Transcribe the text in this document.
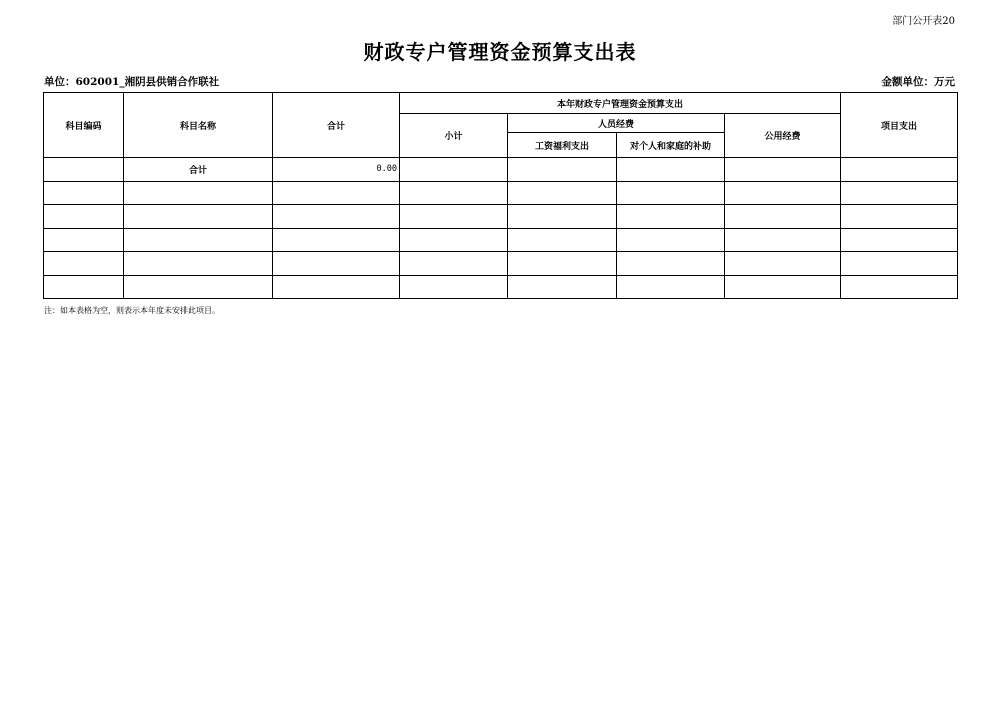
部门公开表20
财政专户管理资金预算支出表
单位：602001_湘阴县供销合作联社	金额单位：万元
科目编码	科目名称	合计	本年财政专户管理资金预算支出				项目支出
			小计	人员经费		公用经费	
				工资福利支出	对个人和家庭的补助		
	合计	0.00					

注：如本表格为空，则表示本年度未安排此项目。
